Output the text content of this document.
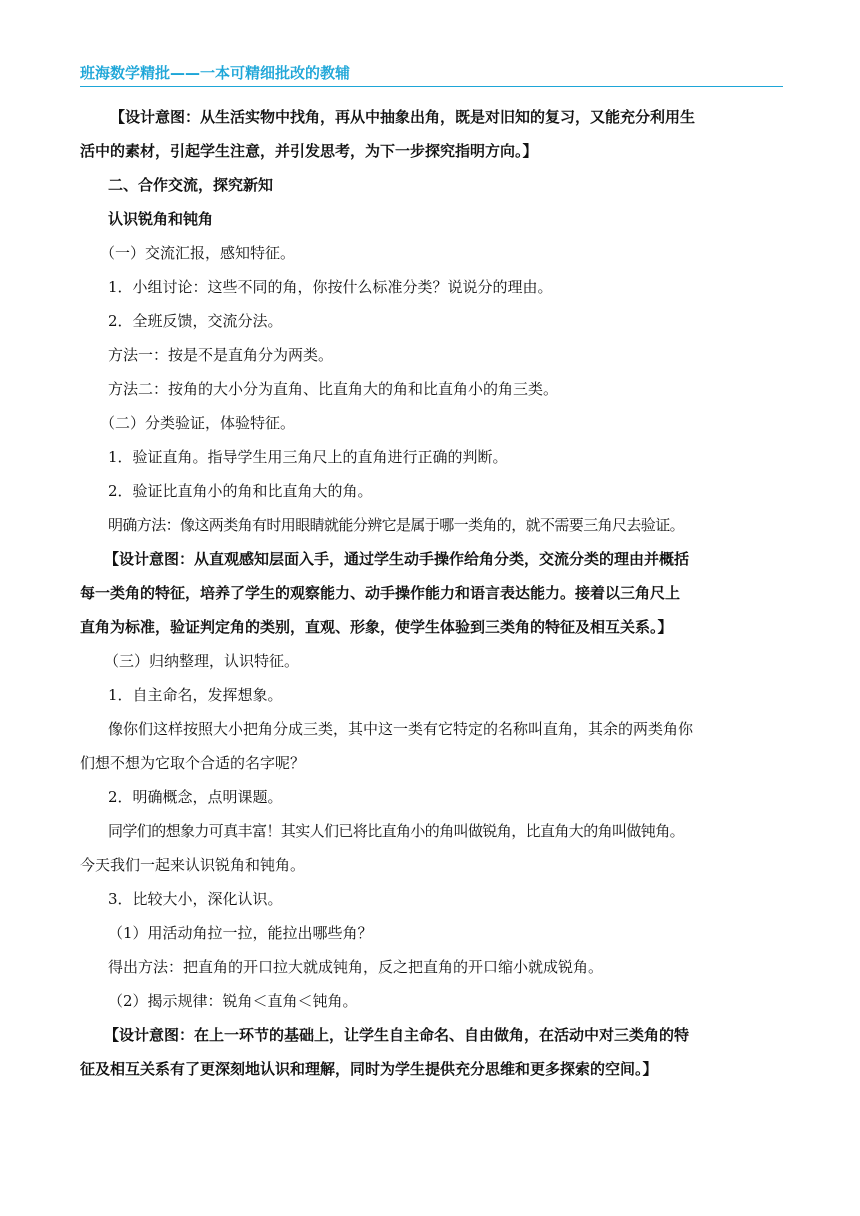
班海数学精批——一本可精细批改的教辅
【设计意图：从生活实物中找角，再从中抽象出角，既是对旧知的复习，又能充分利用生
活中的素材，引起学生注意，并引发思考，为下一步探究指明方向。】
二、合作交流，探究新知
认识锐角和钝角
（一）交流汇报，感知特征。
1．小组讨论：这些不同的角，你按什么标准分类？说说分的理由。
2．全班反馈，交流分法。
方法一：按是不是直角分为两类。
方法二：按角的大小分为直角、比直角大的角和比直角小的角三类。
（二）分类验证，体验特征。
1．验证直角。指导学生用三角尺上的直角进行正确的判断。
2．验证比直角小的角和比直角大的角。
明确方法：像这两类角有时用眼睛就能分辨它是属于哪一类角的，就不需要三角尺去验证。
【设计意图：从直观感知层面入手，通过学生动手操作给角分类，交流分类的理由并概括
每一类角的特征，培养了学生的观察能力、动手操作能力和语言表达能力。接着以三角尺上
直角为标准，验证判定角的类别，直观、形象，使学生体验到三类角的特征及相互关系。】
（三）归纳整理，认识特征。
1．自主命名，发挥想象。
像你们这样按照大小把角分成三类，其中这一类有它特定的名称叫直角，其余的两类角你
们想不想为它取个合适的名字呢？
2．明确概念，点明课题。
同学们的想象力可真丰富！其实人们已将比直角小的角叫做锐角，比直角大的角叫做钝角。
今天我们一起来认识锐角和钝角。
3．比较大小，深化认识。
（1）用活动角拉一拉，能拉出哪些角？
得出方法：把直角的开口拉大就成钝角，反之把直角的开口缩小就成锐角。
（2）揭示规律：锐角＜直角＜钝角。
【设计意图：在上一环节的基础上，让学生自主命名、自由做角，在活动中对三类角的特
征及相互关系有了更深刻地认识和理解，同时为学生提供充分思维和更多探索的空间。】
